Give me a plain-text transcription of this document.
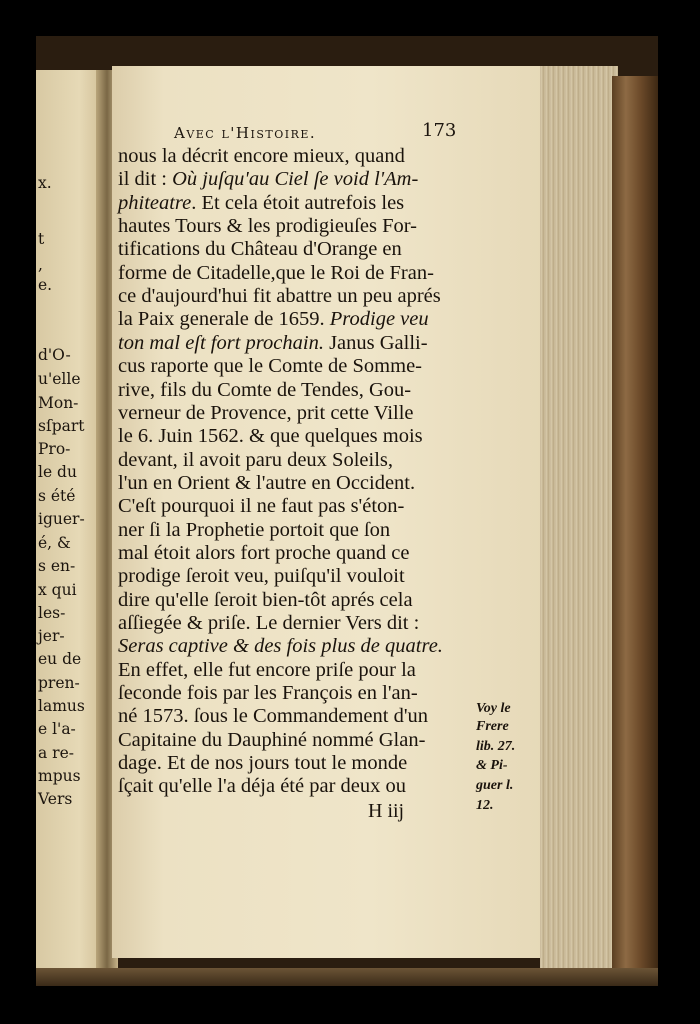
x.
t
,
e.
d'O-
u'elle
Mon-
sſpart
Pro-
le du
s été
iguer-
é, &
s en-
x qui
les-
jer-
eu de
pren-
lamus
e l'a-
a re-
mpus
Vers
Avec l'Histoire.	173
nous la décrit encore mieux, quand
il dit : Où juſqu'au Ciel ſe void l'Am-
phiteatre. Et cela étoit autrefois les
hautes Tours & les prodigieuſes For-
tifications du Château d'Orange en
forme de Citadelle,que le Roi de Fran-
ce d'aujourd'hui fit abattre un peu aprés
la Paix generale de 1659. Prodige veu
ton mal eſt fort prochain. Janus Galli-
cus raporte que le Comte de Somme-
rive, fils du Comte de Tendes, Gou-
verneur de Provence, prit cette Ville
le 6. Juin 1562. & que quelques mois
devant, il avoit paru deux Soleils,
l'un en Orient & l'autre en Occident.
C'eſt pourquoi il ne faut pas s'éton-
ner ſi la Prophetie portoit que ſon
mal étoit alors fort proche quand ce
prodige ſeroit veu, puiſqu'il vouloit
dire qu'elle ſeroit bien-tôt aprés cela
aſſiegée & priſe. Le dernier Vers dit :
Seras captive & des fois plus de quatre.
En effet, elle fut encore priſe pour la
ſeconde fois par les François en l'an-
né 1573. ſous le Commandement d'un
Capitaine du Dauphiné nommé Glan-
dage. Et de nos jours tout le monde
ſçait qu'elle l'a déja été par deux ou
H iij
Voy le
Frere
lib. 27.
& Pi-
guer l.
12.
